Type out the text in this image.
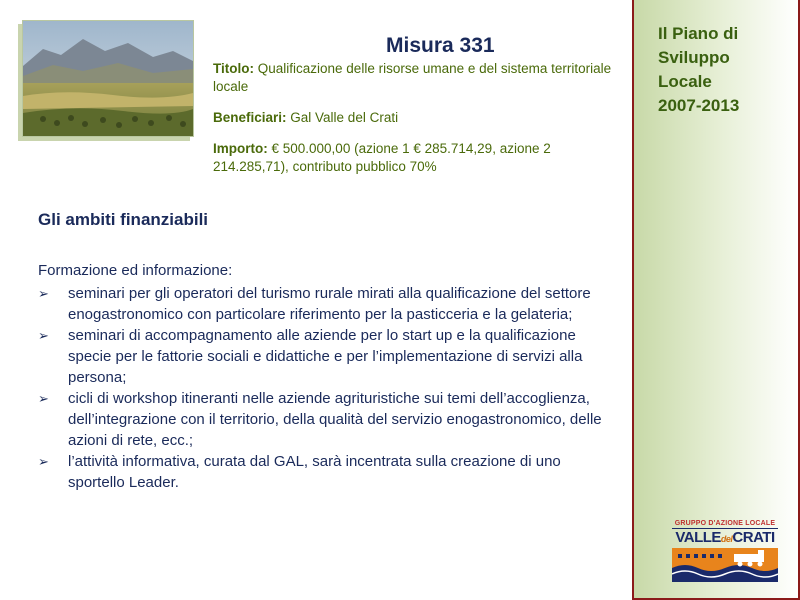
Misura 331

Titolo: Qualificazione delle risorse umane e del sistema territoriale locale

Beneficiari: Gal Valle del Crati

Importo: € 500.000,00 (azione 1 € 285.714,29, azione 2 214.285,71), contributo pubblico 70%

Gli ambiti finanziabili

Formazione ed informazione:

➢ seminari per gli operatori del turismo rurale mirati alla qualificazione del settore enogastronomico con particolare riferimento per la pasticceria e la gelateria;
➢ seminari di accompagnamento alle aziende per lo start up e la qualificazione specie per le fattorie sociali e didattiche e per l’implementazione di servizi alla persona;
➢ cicli di workshop itineranti nelle aziende agrituristiche sui temi dell’accoglienza, dell’integrazione con il territorio, della qualità del servizio enogastronomico, delle azioni di rete, ecc.;
➢ l’attività informativa, curata dal GAL, sarà incentrata sulla creazione di uno sportello Leader.

Il Piano di
Sviluppo
Locale
2007-2013

GRUPPO D'AZIONE LOCALE
VALLEdelCRATI
